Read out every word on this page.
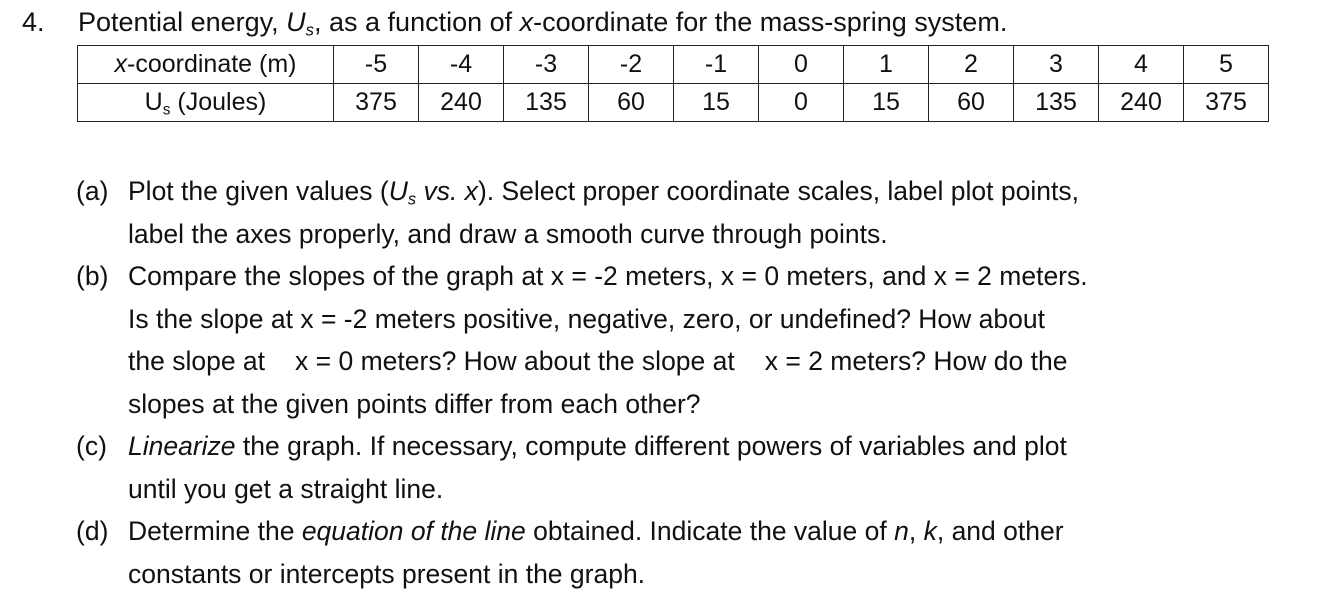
4. Potential energy, $U_s$, as a function of x-coordinate for the mass-spring system.
x-coordinate (m)	-5	-4	-3	-2	-1	0	1	2	3	4	5
$U_s$ (Joules)	375	240	135	60	15	0	15	60	135	240	375
(a) Plot the given values ($U_s$ vs. x). Select proper coordinate scales, label plot points,
label the axes properly, and draw a smooth curve through points.
(b) Compare the slopes of the graph at x = -2 meters, x = 0 meters, and x = 2 meters.
Is the slope at x = -2 meters positive, negative, zero, or undefined? How about
the slope at x = 0 meters? How about the slope at x = 2 meters? How do the
slopes at the given points differ from each other?
(c) Linearize the graph. If necessary, compute different powers of variables and plot
until you get a straight line.
(d) Determine the equation of the line obtained. Indicate the value of n, k, and other
constants or intercepts present in the graph.
